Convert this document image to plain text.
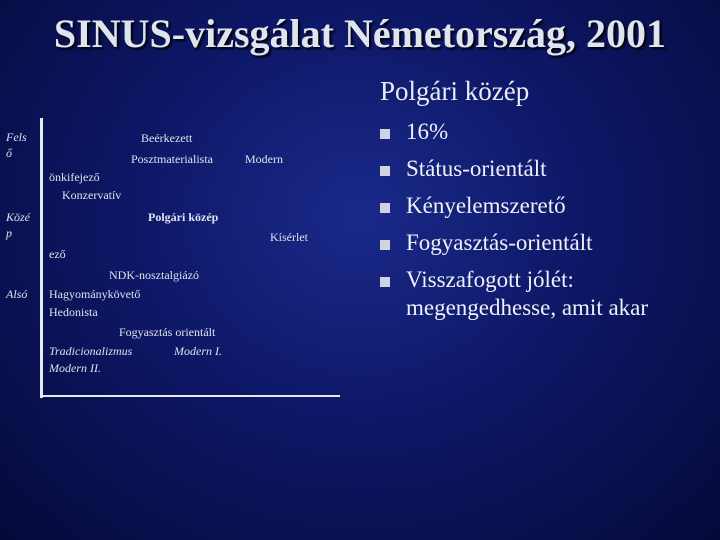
SINUS-vizsgálat Németország, 2001
Fels
ő
Közé
p
Alsó
Beérkezett
Posztmaterialista	Modern
önkifejező
Konzervatív
Polgári közép
Kísérlet
ező
NDK-nosztalgiázó
Hagyománykövető
Hedonista
Fogyasztás orientált
Tradicionalizmus	Modern I.
Modern II.
Polgári közép
16%
Státus-orientált
Kényelemszerető
Fogyasztás-orientált
Visszafogott jólét: megengedhesse, amit akar
